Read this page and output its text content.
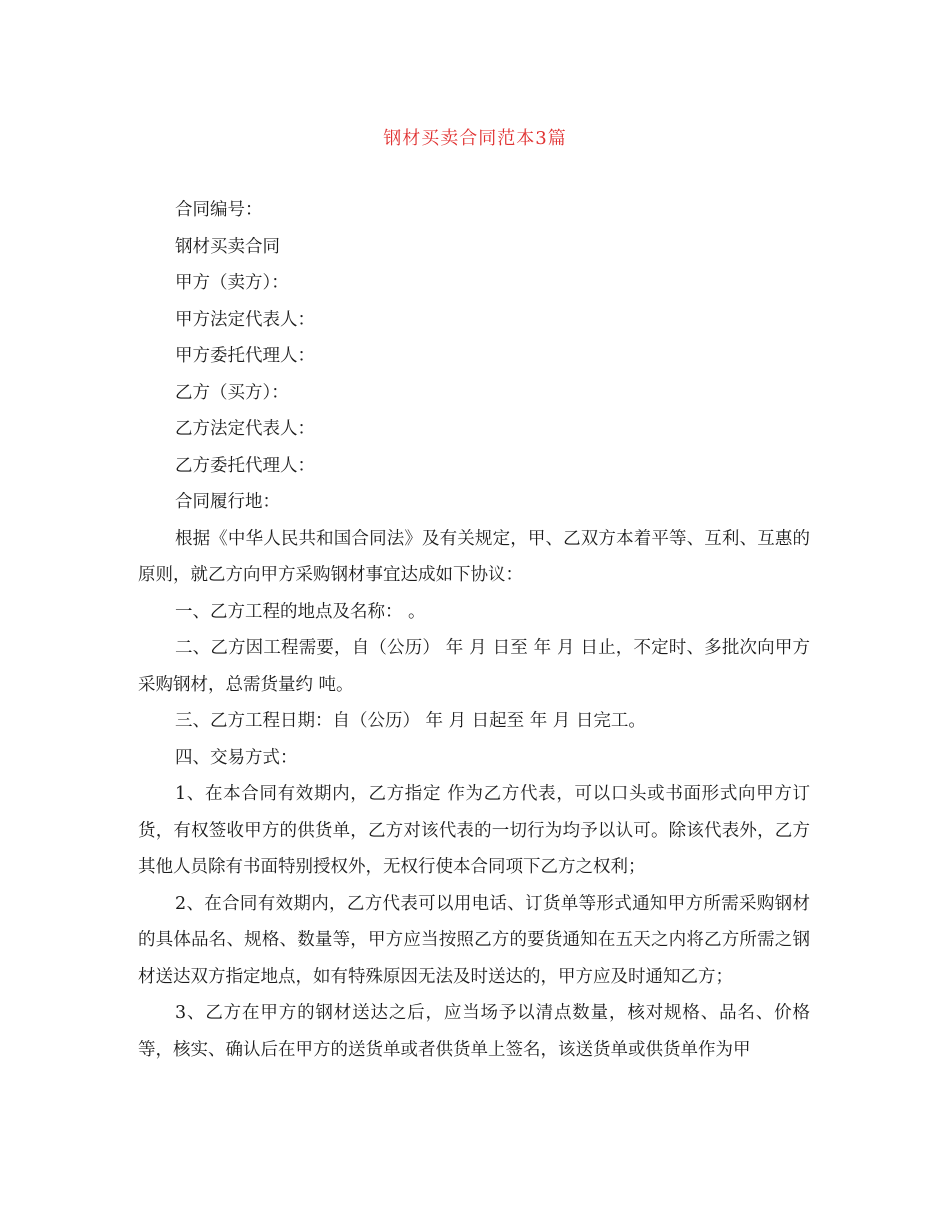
钢材买卖合同范本3篇

合同编号：

钢材买卖合同

甲方（卖方）：

甲方法定代表人：

甲方委托代理人：

乙方（买方）：

乙方法定代表人：

乙方委托代理人：

合同履行地：

根据《中华人民共和国合同法》及有关规定，甲、乙双方本着平等、互利、互惠的原则，就乙方向甲方采购钢材事宜达成如下协议：

一、乙方工程的地点及名称： 。

二、乙方因工程需要，自（公历） 年 月 日至 年 月 日止，不定时、多批次向甲方采购钢材，总需货量约 吨。

三、乙方工程日期：自（公历） 年 月 日起至 年 月 日完工。

四、交易方式：

1、在本合同有效期内，乙方指定 作为乙方代表，可以口头或书面形式向甲方订货，有权签收甲方的供货单，乙方对该代表的一切行为均予以认可。除该代表外，乙方其他人员除有书面特别授权外，无权行使本合同项下乙方之权利；

2、在合同有效期内，乙方代表可以用电话、订货单等形式通知甲方所需采购钢材的具体品名、规格、数量等，甲方应当按照乙方的要货通知在五天之内将乙方所需之钢材送达双方指定地点，如有特殊原因无法及时送达的，甲方应及时通知乙方；

3、乙方在甲方的钢材送达之后，应当场予以清点数量，核对规格、品名、价格等，核实、确认后在甲方的送货单或者供货单上签名，该送货单或供货单作为甲
